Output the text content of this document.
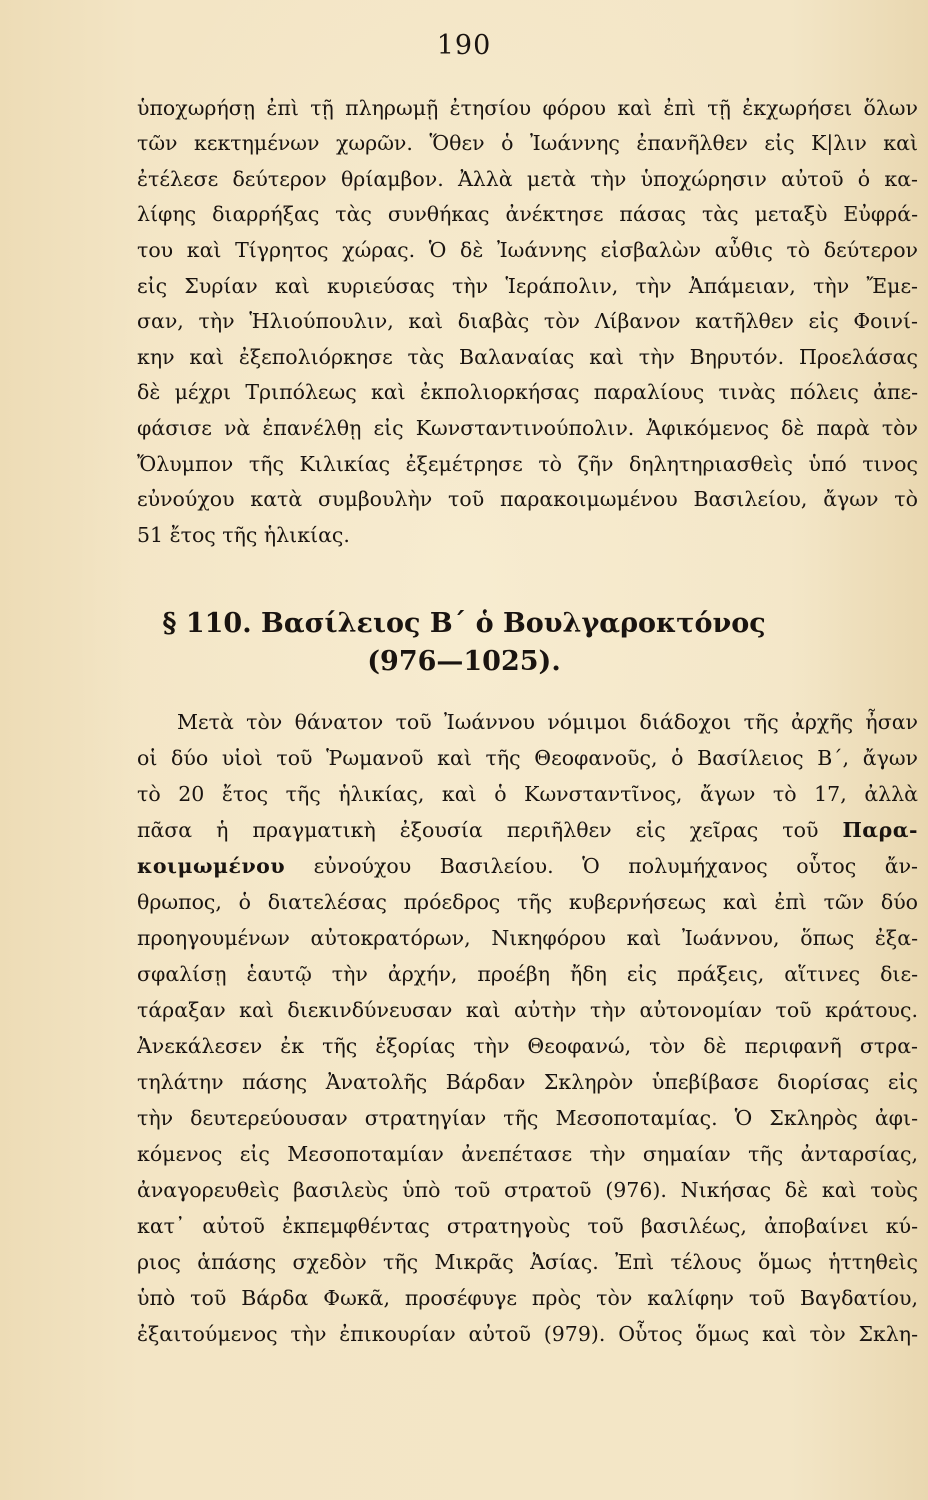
190
ὑποχωρήσῃ ἐπὶ τῇ πληρωμῇ ἐτησίου φόρου καὶ ἐπὶ τῇ ἐκχωρήσει ὅλων
τῶν κεκτημένων χωρῶν. Ὅθεν ὁ Ἰωάννης ἐπανῆλθεν εἰς Κ|λιν καὶ
ἐτέλεσε δεύτερον θρίαμβον. Ἀλλὰ μετὰ τὴν ὑποχώρησιν αὐτοῦ ὁ κα-
λίφης διαρρήξας τὰς συνθήκας ἀνέκτησε πάσας τὰς μεταξὺ Εὐφρά-
του καὶ Τίγρητος χώρας. Ὁ δὲ Ἰωάννης εἰσβαλὼν αὖθις τὸ δεύτερον
εἰς Συρίαν καὶ κυριεύσας τὴν Ἱεράπολιν, τὴν Ἀπάμειαν, τὴν Ἔμε-
σαν, τὴν Ἡλιούπουλιν, καὶ διαβὰς τὸν Λίβανον κατῆλθεν εἰς Φοινί-
κην καὶ ἐξεπολιόρκησε τὰς Βαλαναίας καὶ τὴν Βηρυτόν. Προελάσας
δὲ μέχρι Τριπόλεως καὶ ἐκπολιορκήσας παραλίους τινὰς πόλεις ἀπε-
φάσισε νὰ ἐπανέλθῃ εἰς Κωνσταντινούπολιν. Ἀφικόμενος δὲ παρὰ τὸν
Ὄλυμπον τῆς Κιλικίας ἐξεμέτρησε τὸ ζῆν δηλητηριασθεὶς ὑπό τινος
εὐνούχου κατὰ συμβουλὴν τοῦ παρακοιμωμένου Βασιλείου, ἄγων τὸ
51 ἔτος τῆς ἡλικίας.
§ 110. Βασίλειος Β΄ ὁ Βουλγαροκτόνος
(976—1025).
Μετὰ τὸν θάνατον τοῦ Ἰωάννου νόμιμοι διάδοχοι τῆς ἀρχῆς ἦσαν
οἱ δύο υἱοὶ τοῦ Ῥωμανοῦ καὶ τῆς Θεοφανοῦς, ὁ Βασίλειος Β΄, ἄγων
τὸ 20 ἔτος τῆς ἡλικίας, καὶ ὁ Κωνσταντῖνος, ἄγων τὸ 17, ἀλλὰ
πᾶσα ἡ πραγματικὴ ἐξουσία περιῆλθεν εἰς χεῖρας τοῦ Παρα-
κοιμωμένου εὐνούχου Βασιλείου. Ὁ πολυμήχανος οὗτος ἄν-
θρωπος, ὁ διατελέσας πρόεδρος τῆς κυβερνήσεως καὶ ἐπὶ τῶν δύο
προηγουμένων αὐτοκρατόρων, Νικηφόρου καὶ Ἰωάννου, ὅπως ἐξα-
σφαλίσῃ ἑαυτῷ τὴν ἀρχήν, προέβη ἤδη εἰς πράξεις, αἵτινες διε-
τάραξαν καὶ διεκινδύνευσαν καὶ αὐτὴν τὴν αὐτονομίαν τοῦ κράτους.
Ἀνεκάλεσεν ἐκ τῆς ἐξορίας τὴν Θεοφανώ, τὸν δὲ περιφανῆ στρα-
τηλάτην πάσης Ἀνατολῆς Βάρδαν Σκληρὸν ὑπεβίβασε διορίσας εἰς
τὴν δευτερεύουσαν στρατηγίαν τῆς Μεσοποταμίας. Ὁ Σκληρὸς ἀφι-
κόμενος εἰς Μεσοποταμίαν ἀνεπέτασε τὴν σημαίαν τῆς ἀνταρσίας,
ἀναγορευθεὶς βασιλεὺς ὑπὸ τοῦ στρατοῦ (976). Νικήσας δὲ καὶ τοὺς
κατ᾿ αὐτοῦ ἐκπεμφθέντας στρατηγοὺς τοῦ βασιλέως, ἀποβαίνει κύ-
ριος ἁπάσης σχεδὸν τῆς Μικρᾶς Ἀσίας. Ἐπὶ τέλους ὅμως ἡττηθεὶς
ὑπὸ τοῦ Βάρδα Φωκᾶ, προσέφυγε πρὸς τὸν καλίφην τοῦ Βαγδατίου,
ἐξαιτούμενος τὴν ἐπικουρίαν αὐτοῦ (979). Οὗτος ὅμως καὶ τὸν Σκλη-
